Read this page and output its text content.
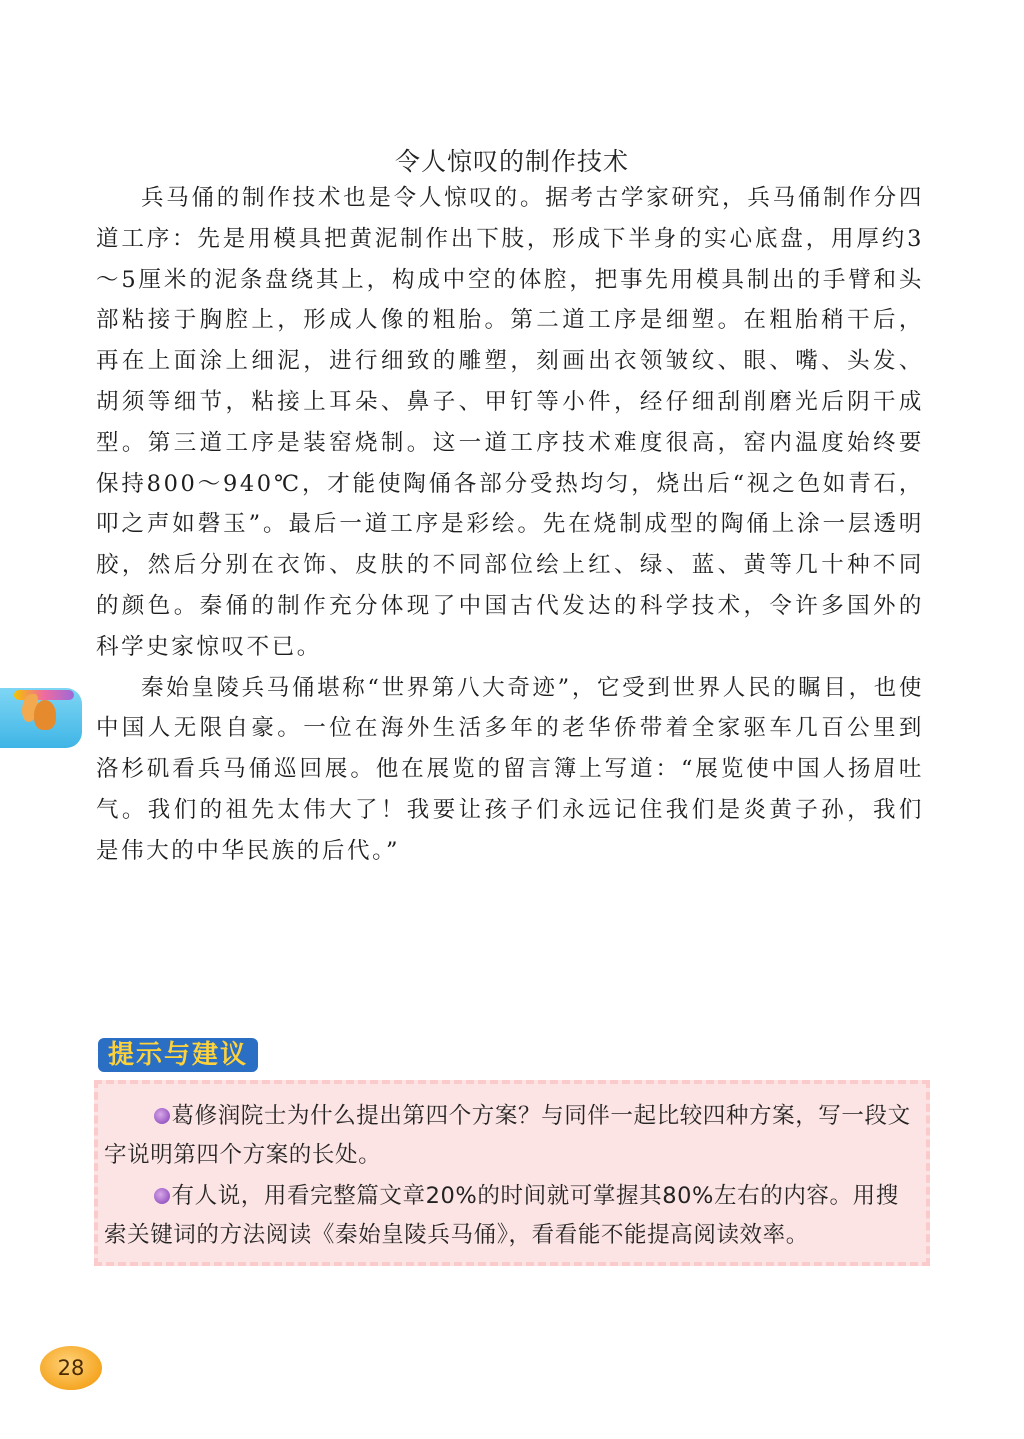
令人惊叹的制作技术

兵马俑的制作技术也是令人惊叹的。据考古学家研究，兵马俑制作分四道工序：先是用模具把黄泥制作出下肢，形成下半身的实心底盘，用厚约3～5厘米的泥条盘绕其上，构成中空的体腔，把事先用模具制出的手臂和头部粘接于胸腔上，形成人像的粗胎。第二道工序是细塑。在粗胎稍干后，再在上面涂上细泥，进行细致的雕塑，刻画出衣领皱纹、眼、嘴、头发、胡须等细节，粘接上耳朵、鼻子、甲钉等小件，经仔细刮削磨光后阴干成型。第三道工序是装窑烧制。这一道工序技术难度很高，窑内温度始终要保持800～940℃，才能使陶俑各部分受热均匀，烧出后“视之色如青石，叩之声如磬玉”。最后一道工序是彩绘。先在烧制成型的陶俑上涂一层透明胶，然后分别在衣饰、皮肤的不同部位绘上红、绿、蓝、黄等几十种不同的颜色。秦俑的制作充分体现了中国古代发达的科学技术，令许多国外的科学史家惊叹不已。

秦始皇陵兵马俑堪称“世界第八大奇迹”，它受到世界人民的瞩目，也使中国人无限自豪。一位在海外生活多年的老华侨带着全家驱车几百公里到洛杉矶看兵马俑巡回展。他在展览的留言簿上写道：“展览使中国人扬眉吐气。我们的祖先太伟大了！我要让孩子们永远记住我们是炎黄子孙，我们是伟大的中华民族的后代。”

提示与建议

葛修润院士为什么提出第四个方案？与同伴一起比较四种方案，写一段文字说明第四个方案的长处。

有人说，用看完整篇文章20%的时间就可掌握其80%左右的内容。用搜索关键词的方法阅读《秦始皇陵兵马俑》，看看能不能提高阅读效率。

28
